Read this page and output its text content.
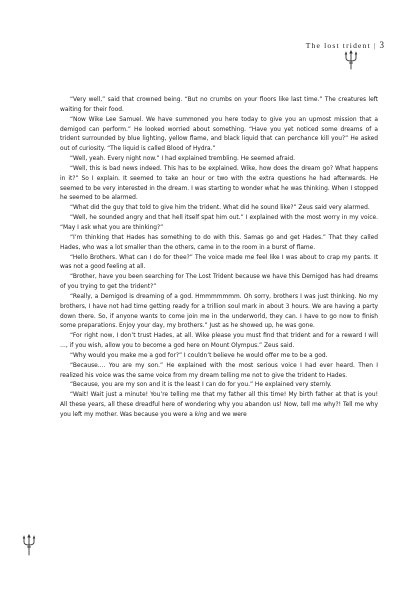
The lost trident | 3

“Very well,” said that crowned being. “But no crumbs on your floors like last time.” The creatures left waiting for their food.

“Now Wike Lee Samuel. We have summoned you here today to give you an upmost mission that a demigod can perform.” He looked worried about something. “Have you yet noticed some dreams of a trident surrounded by blue lighting, yellow flame, and black liquid that can perchance kill you?” He asked out of curiosity. “The liquid is called Blood of Hydra.”

“Well, yeah. Every night now.” I had explained trembling. He seemed afraid.

“Well, this is bad news indeed. This has to be explained. Wike, how does the dream go? What happens in it?” So I explain. It seemed to take an hour or two with the extra questions he had afterwards. He seemed to be very interested in the dream. I was starting to wonder what he was thinking. When I stopped he seemed to be alarmed.

“What did the guy that told to give him the trident. What did he sound like?” Zeus said very alarmed.

“Well, he sounded angry and that hell itself spat him out.” I explained with the most worry in my voice. “May I ask what you are thinking?”

“I’m thinking that Hades has something to do with this. Samas go and get Hades.” That they called Hades, who was a lot smaller than the others, came in to the room in a burst of flame.

“Hello Brothers. What can I do for thee?” The voice made me feel like I was about to crap my pants. It was not a good feeling at all.

“Brother, have you been searching for The Lost Trident because we have this Demigod has had dreams of you trying to get the trident?”

“Really, a Demigod is dreaming of a god. Hmmmmmmm. Oh sorry, brothers I was just thinking. No my brothers, I have not had time getting ready for a trillion soul mark in about 3 hours. We are having a party down there. So, if anyone wants to come join me in the underworld, they can. I have to go now to finish some preparations. Enjoy your day, my brothers.” Just as he showed up, he was gone.

“For right now, I don’t trust Hades, at all. Wike please you must find that trident and for a reward I will …, if you wish, allow you to become a god here on Mount Olympus.” Zeus said.

“Why would you make me a god for?” I couldn’t believe he would offer me to be a god.

“Because…. You are my son.” He explained with the most serious voice I had ever heard. Then I realized his voice was the same voice from my dream telling me not to give the trident to Hades.

“Because, you are my son and it is the least I can do for you.” He explained very sternly.

“Wait! Wait just a minute! You’re telling me that my father all this time! My birth father at that is you! All these years, all these dreadful here of wondering why you abandon us! Now, tell me why?! Tell me why you left my mother. Was because you were a king and we were
